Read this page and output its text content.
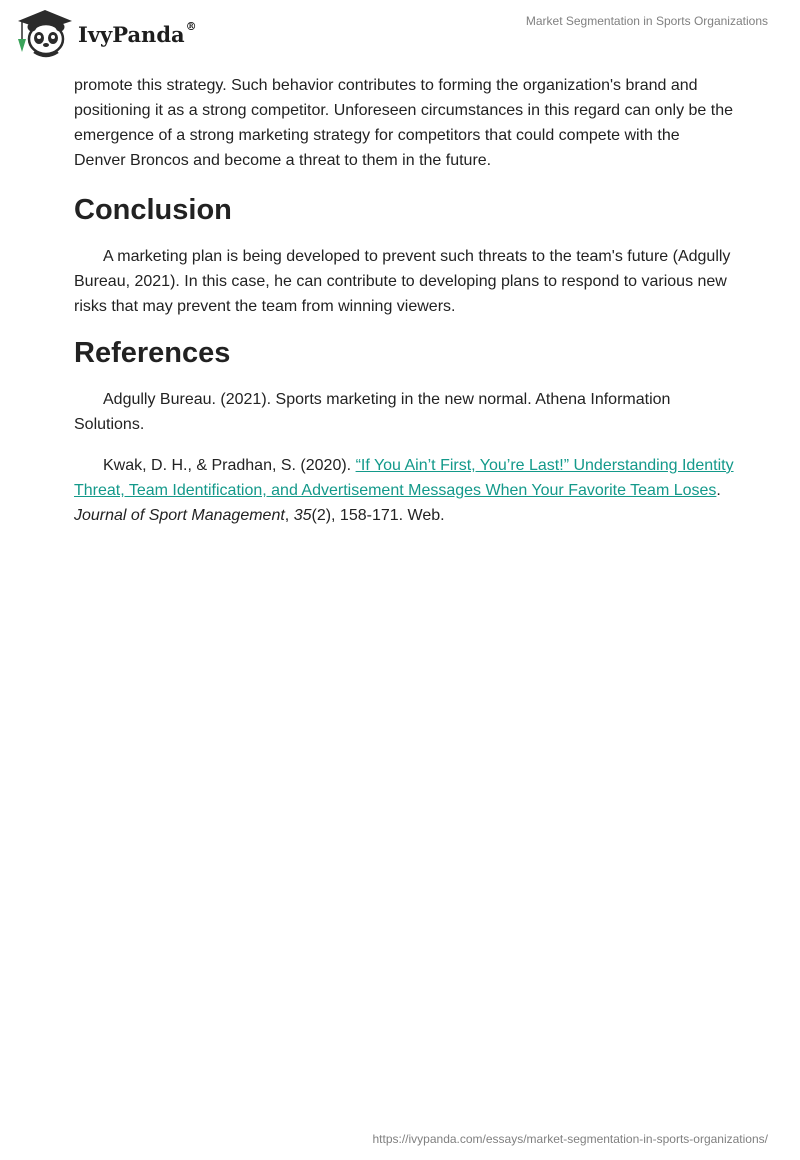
IvyPanda®	Market Segmentation in Sports Organizations

promote this strategy. Such behavior contributes to forming the organization's brand and positioning it as a strong competitor. Unforeseen circumstances in this regard can only be the emergence of a strong marketing strategy for competitors that could compete with the Denver Broncos and become a threat to them in the future.

Conclusion

A marketing plan is being developed to prevent such threats to the team's future (Adgully Bureau, 2021). In this case, he can contribute to developing plans to respond to various new risks that may prevent the team from winning viewers.

References

Adgully Bureau. (2021). Sports marketing in the new normal. Athena Information Solutions.

Kwak, D. H., & Pradhan, S. (2020). “If You Ain’t First, You’re Last!” Understanding Identity Threat, Team Identification, and Advertisement Messages When Your Favorite Team Loses. Journal of Sport Management, 35(2), 158-171. Web.

https://ivypanda.com/essays/market-segmentation-in-sports-organizations/
